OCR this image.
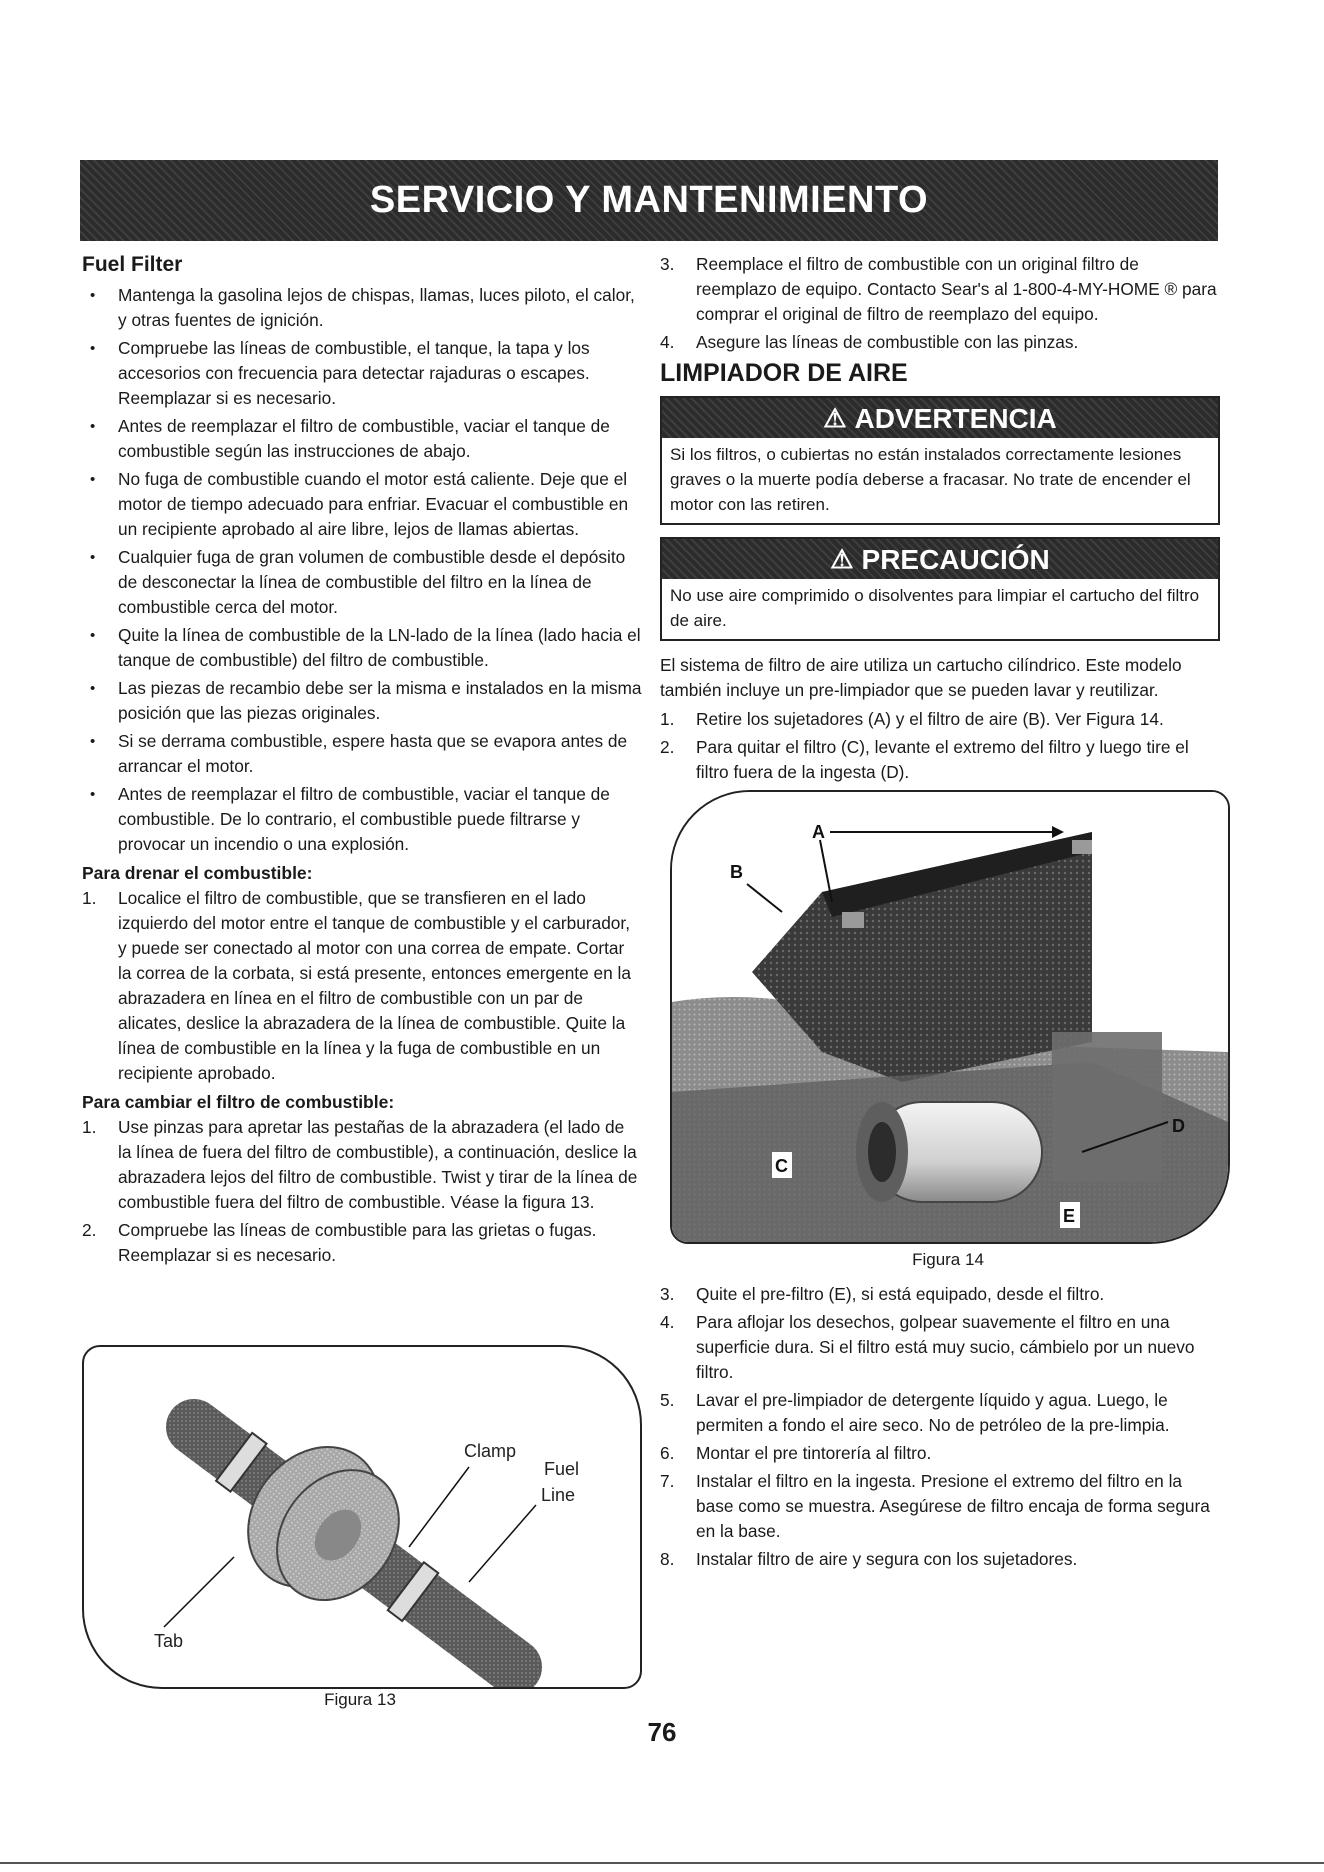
SERVICIO Y MANTENIMIENTO
Fuel Filter
• Mantenga la gasolina lejos de chispas, llamas, luces piloto, el calor, y otras fuentes de ignición.
• Compruebe las líneas de combustible, el tanque, la tapa y los accesorios con frecuencia para detectar rajaduras o escapes. Reemplazar si es necesario.
• Antes de reemplazar el filtro de combustible, vaciar el tanque de combustible según las instrucciones de abajo.
• No fuga de combustible cuando el motor está caliente. Deje que el motor de tiempo adecuado para enfriar. Evacuar el combustible en un recipiente aprobado al aire libre, lejos de llamas abiertas.
• Cualquier fuga de gran volumen de combustible desde el depósito de desconectar la línea de combustible del filtro en la línea de combustible cerca del motor.
• Quite la línea de combustible de la LN-lado de la línea (lado hacia el tanque de combustible) del filtro de combustible.
• Las piezas de recambio debe ser la misma e instalados en la misma posición que las piezas originales.
• Si se derrama combustible, espere hasta que se evapora antes de arrancar el motor.
• Antes de reemplazar el filtro de combustible, vaciar el tanque de combustible. De lo contrario, el combustible puede filtrarse y provocar un incendio o una explosión.
Para drenar el combustible:
1.	Localice el filtro de combustible, que se transfieren en el lado izquierdo del motor entre el tanque de combustible y el carburador, y puede ser conectado al motor con una correa de empate. Cortar la correa de la corbata, si está presente, entonces emergente en la abrazadera en línea en el filtro de combustible con un par de alicates, deslice la abrazadera de la línea de combustible. Quite la línea de combustible en la línea y la fuga de combustible en un recipiente aprobado.
Para cambiar el filtro de combustible:
1.	Use pinzas para apretar las pestañas de la abrazadera (el lado de la línea de fuera del filtro de combustible), a continuación, deslice la abrazadera lejos del filtro de combustible. Twist y tirar de la línea de combustible fuera del filtro de combustible. Véase la figura 13.
2.	Compruebe las líneas de combustible para las grietas o fugas. Reemplazar si es necesario.
3.	Reemplace el filtro de combustible con un original filtro de reemplazo de equipo. Contacto Sear's al 1-800-4-MY-HOME ® para comprar el original de filtro de reemplazo del equipo.
4.	Asegure las líneas de combustible con las pinzas.
LIMPIADOR DE AIRE
⚠ ADVERTENCIA
Si los filtros, o cubiertas no están instalados correctamente lesiones graves o la muerte podía deberse a fracasar. No trate de encender el motor con las retiren.
⚠ PRECAUCIÓN
No use aire comprimido o disolventes para limpiar el cartucho del filtro de aire.

El sistema de filtro de aire utiliza un cartucho cilíndrico. Este modelo también incluye un pre-limpiador que se pueden lavar y reutilizar.

1.	Retire los sujetadores (A) y el filtro de aire (B). Ver Figura 14.
2.	Para quitar el filtro (C), levante el extremo del filtro y luego tire el filtro fuera de la ingesta (D).
3.	Quite el pre-filtro (E), si está equipado, desde el filtro.
4.	Para aflojar los desechos, golpear suavemente el filtro en una superficie dura. Si el filtro está muy sucio, cámbielo por un nuevo filtro.
5.	Lavar el pre-limpiador de detergente líquido y agua. Luego, le permiten a fondo el aire seco. No de petróleo de la pre-limpia.
6.	Montar el pre tintorería al filtro.
7.	Instalar el filtro en la ingesta. Presione el extremo del filtro en la base como se muestra. Asegúrese de filtro encaja de forma segura en la base.
8.	Instalar filtro de aire y segura con los sujetadores.
A
B
D
C
E
Figura 14
Clamp
Fuel
Line
Tab
Figura 13
76
